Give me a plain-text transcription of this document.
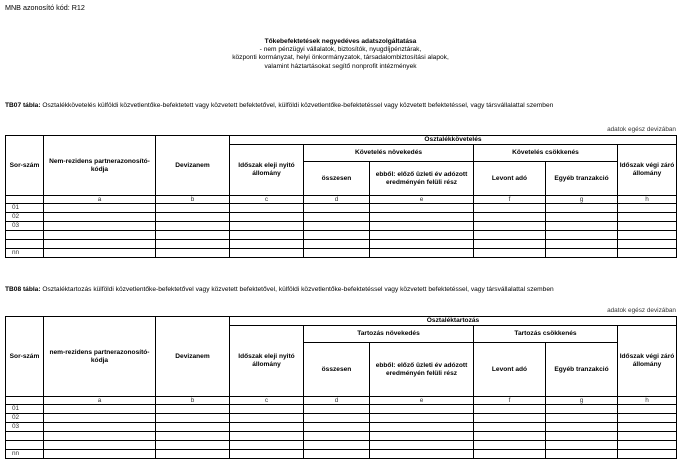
MNB azonosító kód: R12
Tőkebefektetések negyedéves adatszolgáltatása
- nem pénzügyi vállalatok, biztosítók, nyugdíjpénztárak,
központi kormányzat, helyi önkormányzatok, társadalombiztosítási alapok,
valamint háztartásokat segítő nonprofit intézmények
TB07 tábla: Osztalékkövetelés külföldi közvetlentőke-befektetett vagy közvetett befektetővel, külföldi közvetlentőke-befektetéssel vagy közvetett befektetéssel, vagy társvállalattal szemben
adatok egész devizában
Sor-szám	Nem-rezidens partnerazonosító-kódja	Devizanem	Osztalékkövetelés					
			Időszak eleji nyitó állomány	Követelés növekedés		Követelés csökkenés		Időszak végi záró állomány
				összesen	ebből: előző üzleti év adózott eredményén felüli rész	Levont adó	Egyéb tranzakció	
	a	b	c	d	e	f	g	h
01								
02								
03								

nn								
TB08 tábla: Osztaléktartozás külföldi közvetlentőke-befektetővel vagy közvetett befektetővel, külföldi közvetlentőke-befektetéssel vagy közvetett befektetéssel, vagy társvállalattal szemben
adatok egész devizában
Sor-szám	nem-rezidens partnerazonosító-kódja	Devizanem	Osztaléktartozás					
			Időszak eleji nyitó állomány	Tartozás növekedés		Tartozás csökkenés		Időszak végi záró állomány
				összesen	ebből: előző üzleti év adózott eredményén felüli rész	Levont adó	Egyéb tranzakció	
	a	b	c	d	e	f	g	h
01								
02								
03								

nn								
